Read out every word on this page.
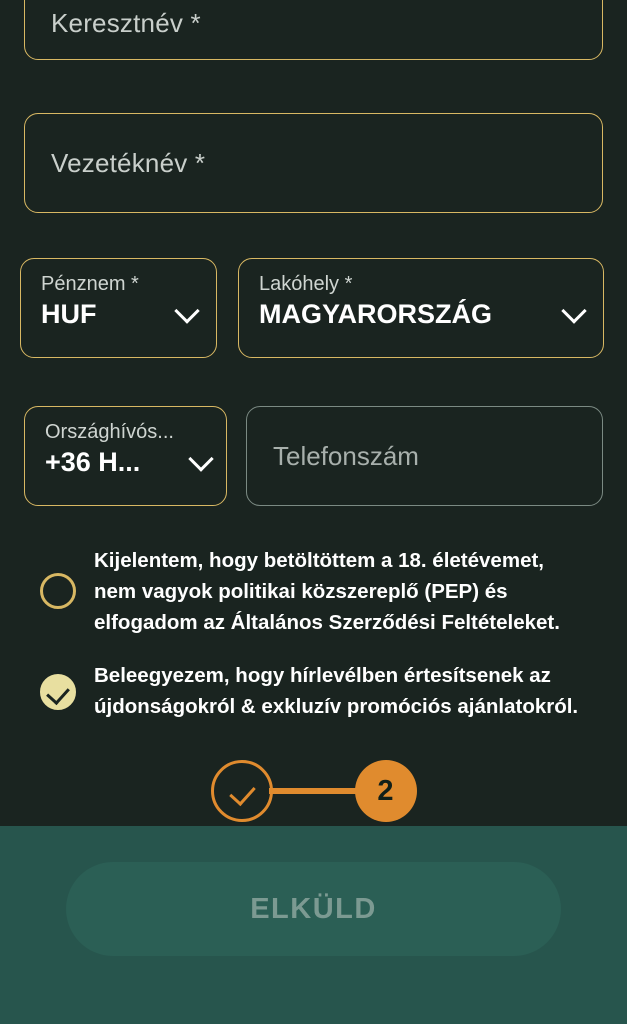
Keresztnév *
Vezetéknév *
Pénznem *
HUF
Lakóhely *
MAGYARORSZÁG
Országhívós...
+36 H...	Telefonszám
Kijelentem, hogy betöltöttem a 18. életévemet, nem vagyok politikai közszereplő (PEP) és elfogadom az Általános Szerződési Feltételeket.
Beleegyezem, hogy hírlevélben értesítsenek az újdonságokról & exkluzív promóciós ajánlatokról.
2
ELKÜLD
